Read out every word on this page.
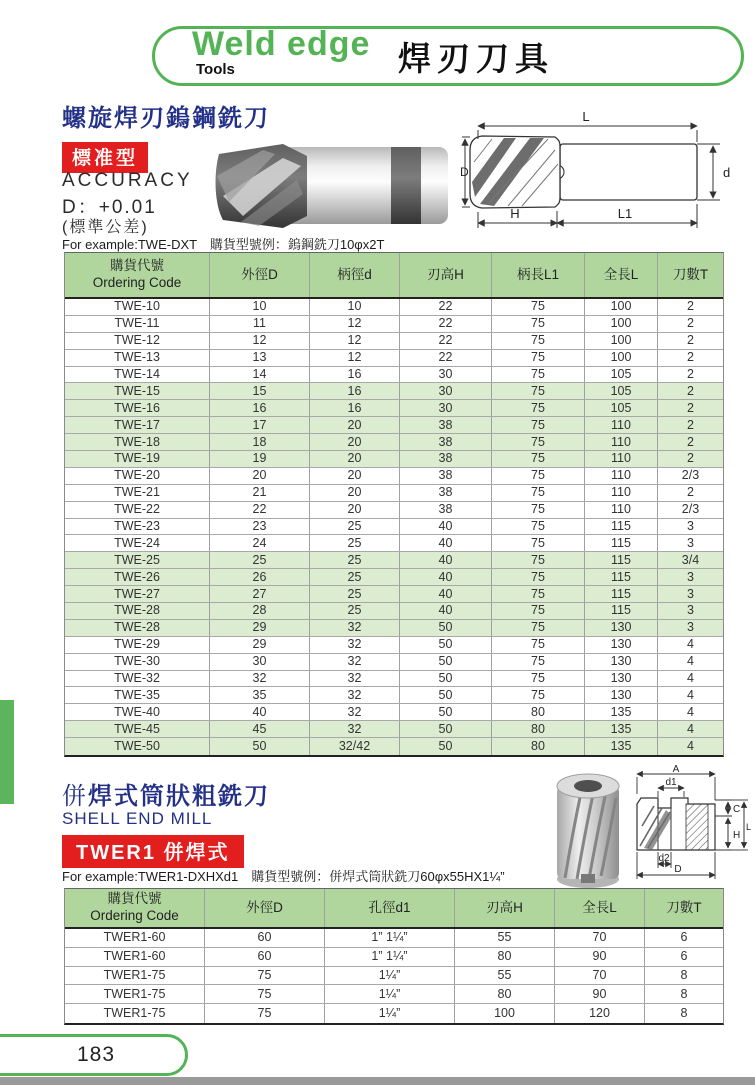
Weld edge
Tools	焊刃刀具
螺旋焊刃鎢鋼銑刀
標准型
ACCURACY
D：+0.01
(標準公差)
For example:TWE-DXT　購貨型號例：鎢鋼銑刀10φx2T
L
D	d
H	L1
購貨代號
Ordering Code
外徑D	柄徑d	刃高H	柄長L1	全長L	刀數T
TWE-10	10	10	22	75	100	2
TWE-11	11	12	22	75	100	2
TWE-12	12	12	22	75	100	2
TWE-13	13	12	22	75	100	2
TWE-14	14	16	30	75	105	2
TWE-15	15	16	30	75	105	2
TWE-16	16	16	30	75	105	2
TWE-17	17	20	38	75	110	2
TWE-18	18	20	38	75	110	2
TWE-19	19	20	38	75	110	2
TWE-20	20	20	38	75	110	2/3
TWE-21	21	20	38	75	110	2
TWE-22	22	20	38	75	110	2/3
TWE-23	23	25	40	75	115	3
TWE-24	24	25	40	75	115	3
TWE-25	25	25	40	75	115	3/4
TWE-26	26	25	40	75	115	3
TWE-27	27	25	40	75	115	3
TWE-28	28	25	40	75	115	3
TWE-28	29	32	50	75	130	3
TWE-29	29	32	50	75	130	4
TWE-30	30	32	50	75	130	4
TWE-32	32	32	50	75	130	4
TWE-35	35	32	50	75	130	4
TWE-40	40	32	50	80	135	4
TWE-45	45	32	50	80	135	4
TWE-50	50	32/42	50	80	135	4
併焊式筒狀粗銑刀
SHELL END MILL
TWER1 併焊式
For example:TWER1-DXHXd1　購貨型號例：併焊式筒狀銑刀60φx55HX1¼”
A
d1
C
H
L
d2
D
購貨代號
Ordering Code
外徑D	孔徑d1	刃高H	全長L	刀數T
TWER1-60	60	1” 1¼”	55	70	6
TWER1-60	60	1” 1¼”	80	90	6
TWER1-75	75	1¼”	55	70	8
TWER1-75	75	1¼”	80	90	8
TWER1-75	75	1¼”	100	120	8
183
